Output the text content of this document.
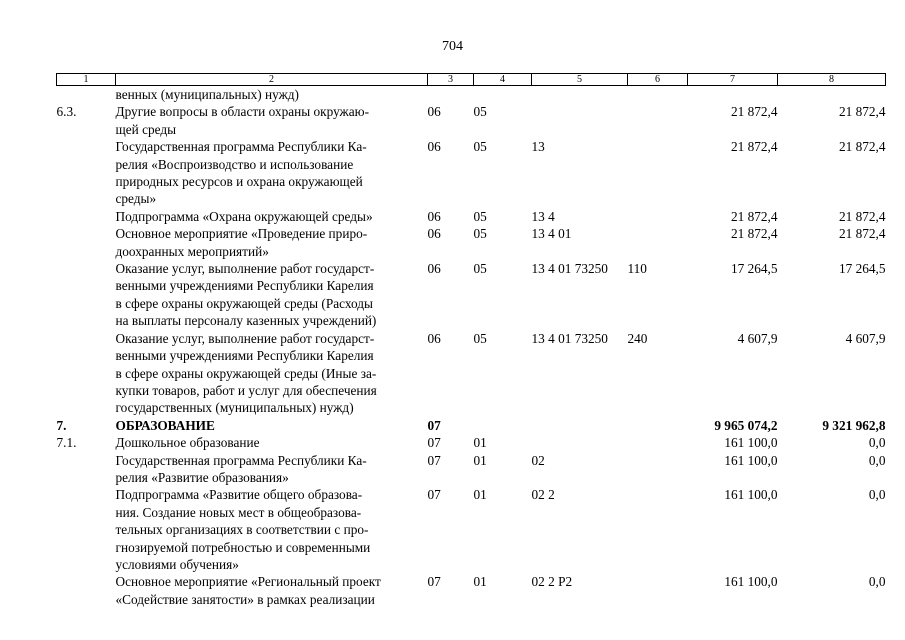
704
1	2	3	4	5	6	7	8

	венных (муниципальных) нужд)						

6.3.	Другие вопросы в области охраны окружаю-
щей среды	06	05			21 872,4	21 872,4

	Государственная программа Республики Ка-
релия «Воспроизводство и использование
природных ресурсов и охрана окружающей
среды»	06	05	13		21 872,4	21 872,4

	Подпрограмма «Охрана окружающей среды»	06	05	13 4		21 872,4	21 872,4

	Основное мероприятие «Проведение приро-
доохранных мероприятий»	06	05	13 4 01		21 872,4	21 872,4

	Оказание услуг, выполнение работ государст-
венными учреждениями Республики Карелия
в сфере охраны окружающей среды (Расходы
на выплаты персоналу казенных учреждений)	06	05	13 4 01 73250	110	17 264,5	17 264,5

	Оказание услуг, выполнение работ государст-
венными учреждениями Республики Карелия
в сфере охраны окружающей среды (Иные за-
купки товаров, работ и услуг для обеспечения
государственных (муниципальных) нужд)	06	05	13 4 01 73250	240	4 607,9	4 607,9

7.	ОБРАЗОВАНИЕ	07				9 965 074,2	9 321 962,8

7.1.	Дошкольное образование	07	01			161 100,0	0,0

	Государственная программа Республики Ка-
релия «Развитие образования»	07	01	02		161 100,0	0,0

	Подпрограмма «Развитие общего образова-
ния. Создание новых мест в общеобразова-
тельных организациях в соответствии с про-
гнозируемой потребностью и современными
условиями обучения»	07	01	02 2		161 100,0	0,0

	Основное мероприятие «Региональный проект
«Содействие занятости» в рамках реализации	07	01	02 2 P2		161 100,0	0,0
